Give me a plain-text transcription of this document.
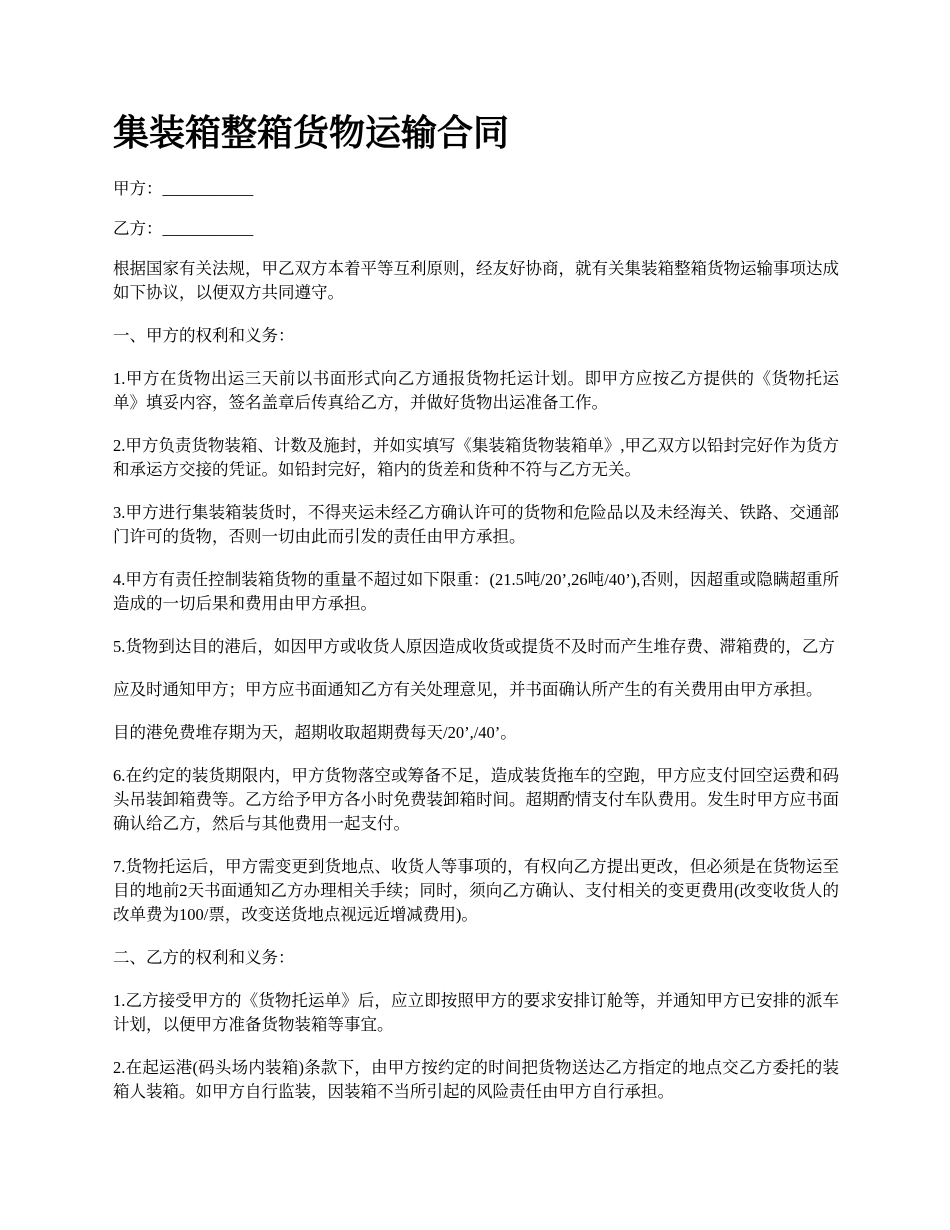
集装箱整箱货物运输合同

甲方：___________

乙方：___________

根据国家有关法规，甲乙双方本着平等互利原则，经友好协商，就有关集装箱整箱货物运输事项达成如下协议，以便双方共同遵守。

一、甲方的权利和义务：

1.甲方在货物出运三天前以书面形式向乙方通报货物托运计划。即甲方应按乙方提供的《货物托运单》填妥内容，签名盖章后传真给乙方，并做好货物出运准备工作。

2.甲方负责货物装箱、计数及施封，并如实填写《集装箱货物装箱单》,甲乙双方以铅封完好作为货方和承运方交接的凭证。如铅封完好，箱内的货差和货种不符与乙方无关。

3.甲方进行集装箱装货时，不得夹运未经乙方确认许可的货物和危险品以及未经海关、铁路、交通部门许可的货物，否则一切由此而引发的责任由甲方承担。

4.甲方有责任控制装箱货物的重量不超过如下限重：(21.5吨/20’,26吨/40’),否则，因超重或隐瞒超重所造成的一切后果和费用由甲方承担。

5.货物到达目的港后，如因甲方或收货人原因造成收货或提货不及时而产生堆存费、滞箱费的，乙方

应及时通知甲方；甲方应书面通知乙方有关处理意见，并书面确认所产生的有关费用由甲方承担。

目的港免费堆存期为天，超期收取超期费每天/20’,/40’。

6.在约定的装货期限内，甲方货物落空或筹备不足，造成装货拖车的空跑，甲方应支付回空运费和码头吊装卸箱费等。乙方给予甲方各小时免费装卸箱时间。超期酌情支付车队费用。发生时甲方应书面确认给乙方，然后与其他费用一起支付。

7.货物托运后，甲方需变更到货地点、收货人等事项的，有权向乙方提出更改，但必须是在货物运至目的地前2天书面通知乙方办理相关手续；同时，须向乙方确认、支付相关的变更费用(改变收货人的改单费为100/票，改变送货地点视远近增减费用)。

二、乙方的权利和义务：

1.乙方接受甲方的《货物托运单》后，应立即按照甲方的要求安排订舱等，并通知甲方已安排的派车计划，以便甲方准备货物装箱等事宜。

2.在起运港(码头场内装箱)条款下，由甲方按约定的时间把货物送达乙方指定的地点交乙方委托的装箱人装箱。如甲方自行监装，因装箱不当所引起的风险责任由甲方自行承担。
